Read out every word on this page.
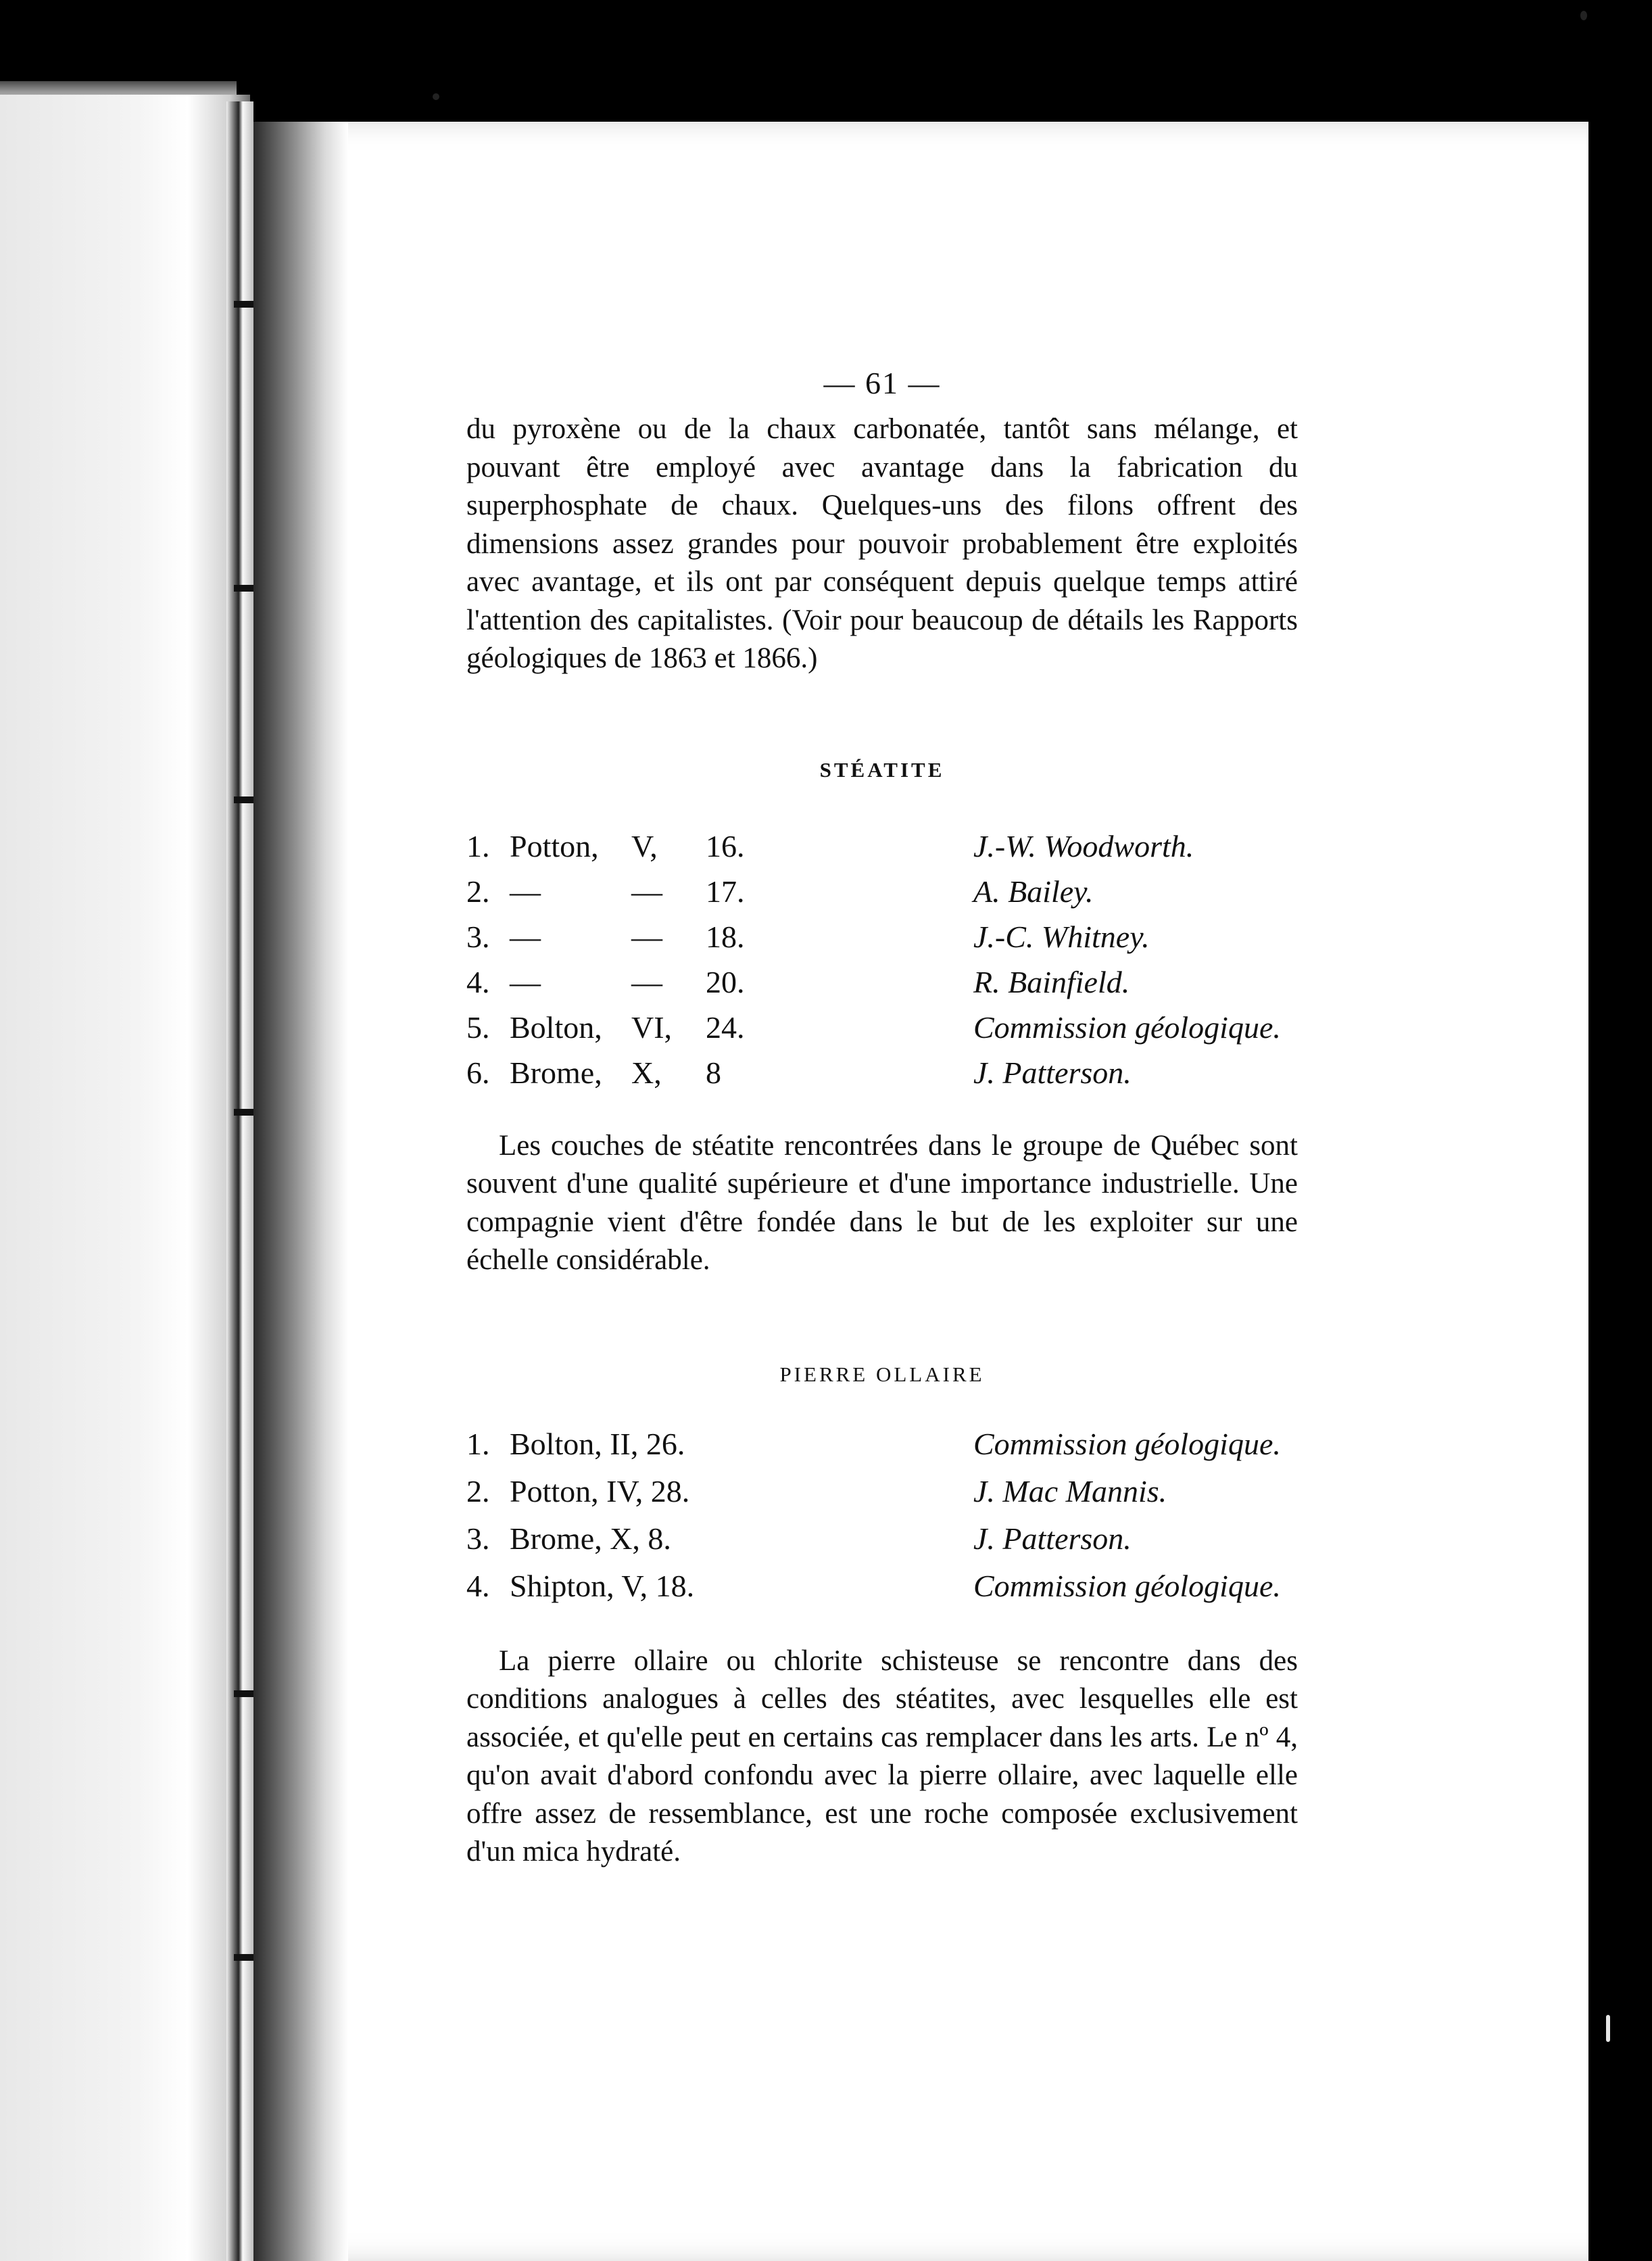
— 61 —

du pyroxène ou de la chaux carbonatée, tantôt sans mélange, et pouvant être employé avec avantage dans la fabrication du superphosphate de chaux. Quelques-uns des filons offrent des dimensions assez grandes pour pouvoir probablement être exploités avec avantage, et ils ont par conséquent depuis quelque temps attiré l'attention des capitalistes. (Voir pour beaucoup de détails les Rapports géologiques de 1863 et 1866.)

STÉATITE
1. Potton,	V,	16.	J.-W. Woodworth.
2. —	—	17.	A. Bailey.
3. —	—	18.	J.-C. Whitney.
4. —	—	20.	R. Bainfield.
5. Bolton, VI,	24.	Commission géologique.
6. Brome, X,	8	J. Patterson.

Les couches de stéatite rencontrées dans le groupe de Québec sont souvent d'une qualité supérieure et d'une importance industrielle. Une compagnie vient d'être fondée dans le but de les exploiter sur une échelle considérable.

PIERRE OLLAIRE
1. Bolton, II, 26.	Commission géologique.
2. Potton, IV, 28.	J. Mac Mannis.
3. Brome, X, 8.	J. Patterson.
4. Shipton, V, 18.	Commission géologique.

La pierre ollaire ou chlorite schisteuse se rencontre dans des conditions analogues à celles des stéatites, avec lesquelles elle est associée, et qu'elle peut en certains cas remplacer dans les arts. Le nº 4, qu'on avait d'abord confondu avec la pierre ollaire, avec laquelle elle offre assez de ressemblance, est une roche composée exclusivement d'un mica hydraté.
